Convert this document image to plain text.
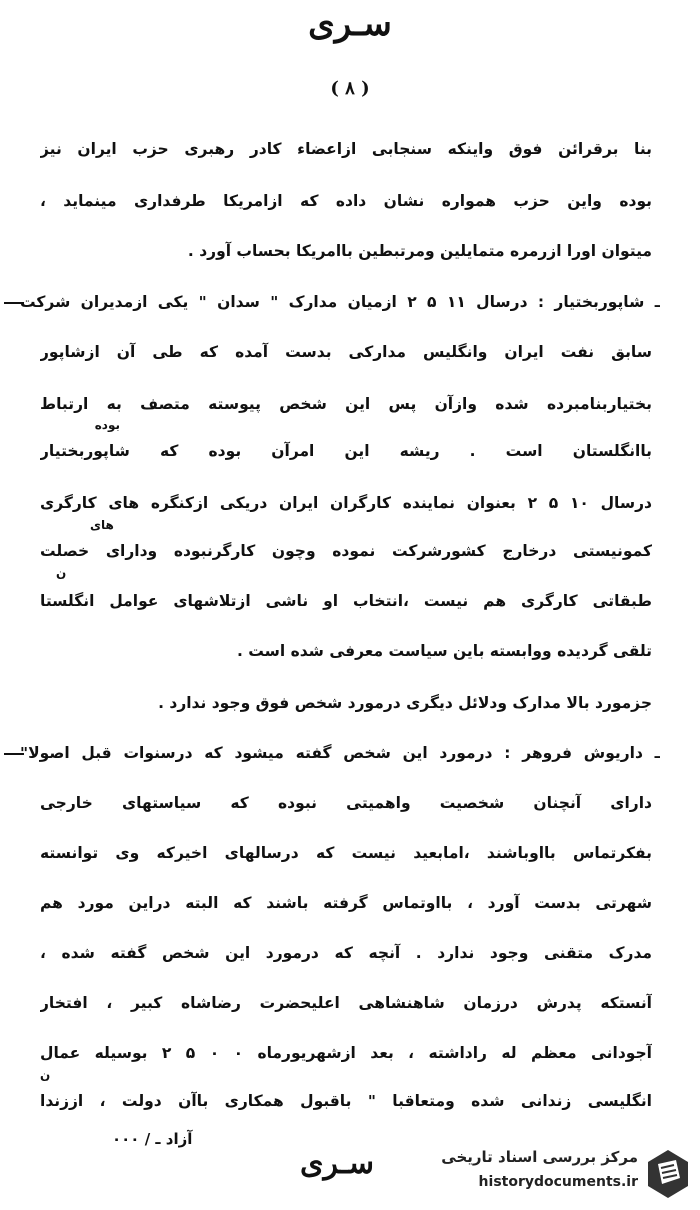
سـرى
( ۸ )
بنا برقرائن فوق واینکه سنجابى ازاعضاء کادر رهبرى حزب ایران نیز
بوده واین حزب همواره نشان داده که ازامریکا طرفدارى مینماید ،
میتوان اورا ازرمره متمایلین ومرتبطین باامریکا بحساب آورد .
ـ شاپوربختیار : درسال ۱۱ ۵ ۲ ازمیان مدارک " سدان " یکى ازمدیران شرکت
سابق نفت ایران وانگلیس مدارکى بدست آمده که طى آن ازشاپور
بختیاربنامبرده شده وازآن پس این شخص پیوسته متصف به ارتباط
بوده
باانگلستان است . ریشه این امرآن بوده که شاپوربختیار
درسال ۱۰ ۵ ۲ بعنوان نماینده کارگران ایران دریکى ازکنگره هاى کارگرى
هاى
کمونیستى درخارج کشورشرکت نموده وچون کارگرنبوده ودارای خصلت
ن
طبقاتى کارگرى هم نیست ،انتخاب او ناشى ازتلاشهاى عوامل انگلستا
تلقى گردیده ووابسته باین سیاست معرفى شده است .
جزمورد بالا مدارک ودلائل دیگرى درمورد شخص فوق وجود ندارد .
ـ داریوش فروهر : درمورد این شخص گفته میشود که درسنوات قبل اصولا"
داراى آنچنان شخصیت واهمیتى نبوده که سیاستهاى خارجى
بفکرتماس بااوباشند ،امابعید نیست که درسالهاى اخیرکه وى توانسته
شهرتى بدست آورد ، بااوتماس گرفته باشند که البته دراین مورد هم
مدرک متقنى وجود ندارد . آنچه که درمورد این شخص گفته شده ،
آنستکه پدرش درزمان شاهنشاهى اعلیحضرت رضاشاه کبیر ، افتخار
آجودانى معظم له راداشته ، بعد ازشهریورماه ۰ ۰ ۵ ۲ بوسیله عمال
ن
انگلیسى زندانى شده ومتعاقبا " باقبول همکارى باآن دولت ، اززندا
آزاد ـ / ۰۰۰
سـرى	مرکز بررسى اسناد تاریخى
historydocuments.ir
